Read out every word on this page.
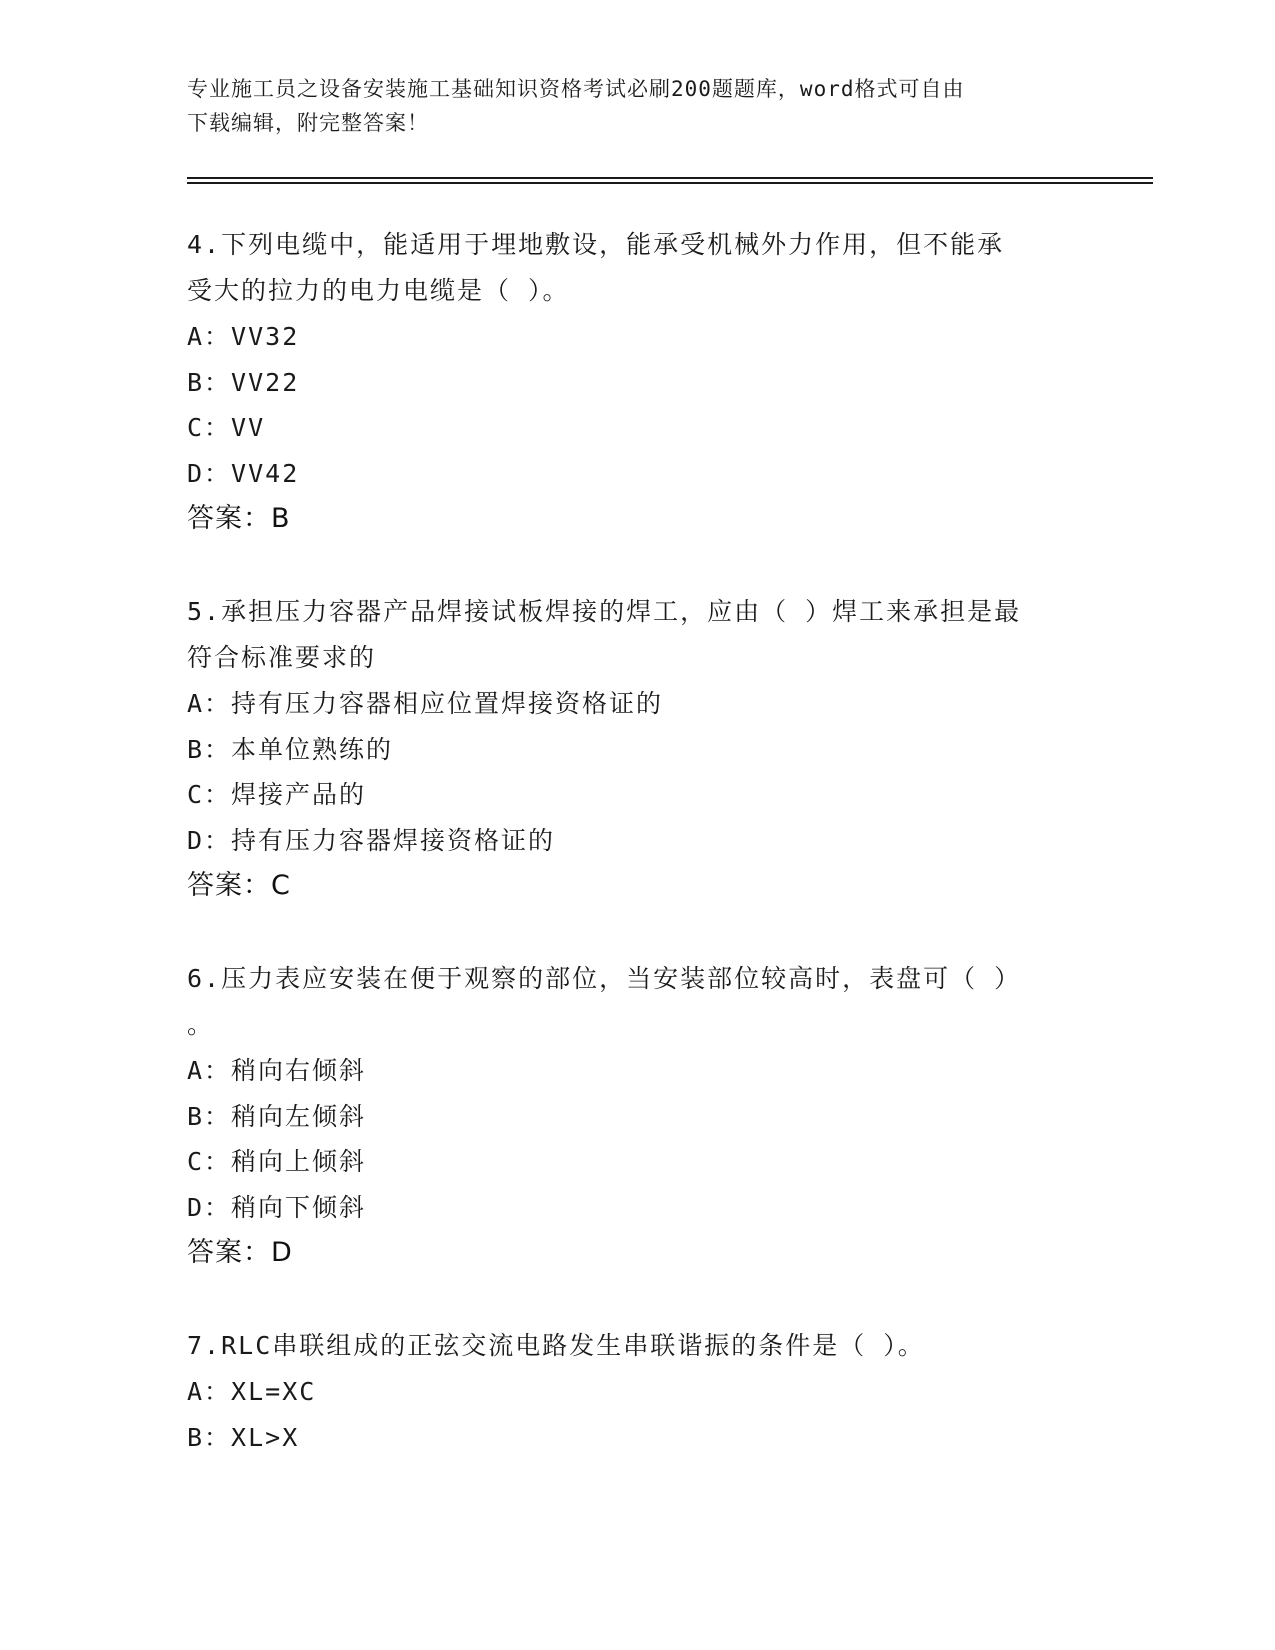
专业施工员之设备安装施工基础知识资格考试必刷200题题库，word格式可自由
下载编辑，附完整答案！

4.下列电缆中，能适用于埋地敷设，能承受机械外力作用，但不能承

受大的拉力的电力电缆是（ ）。

A：VV32

B：VV22

C：VV

D：VV42

答案：B

5.承担压力容器产品焊接试板焊接的焊工，应由（ ）焊工来承担是最

符合标准要求的

A：持有压力容器相应位置焊接资格证的

B：本单位熟练的

C：焊接产品的

D：持有压力容器焊接资格证的

答案：C

6.压力表应安装在便于观察的部位，当安装部位较高时，表盘可（ ）

。

A：稍向右倾斜

B：稍向左倾斜

C：稍向上倾斜

D：稍向下倾斜

答案：D

7.RLC串联组成的正弦交流电路发生串联谐振的条件是（ ）。

A：XL=XC

B：XL>X
